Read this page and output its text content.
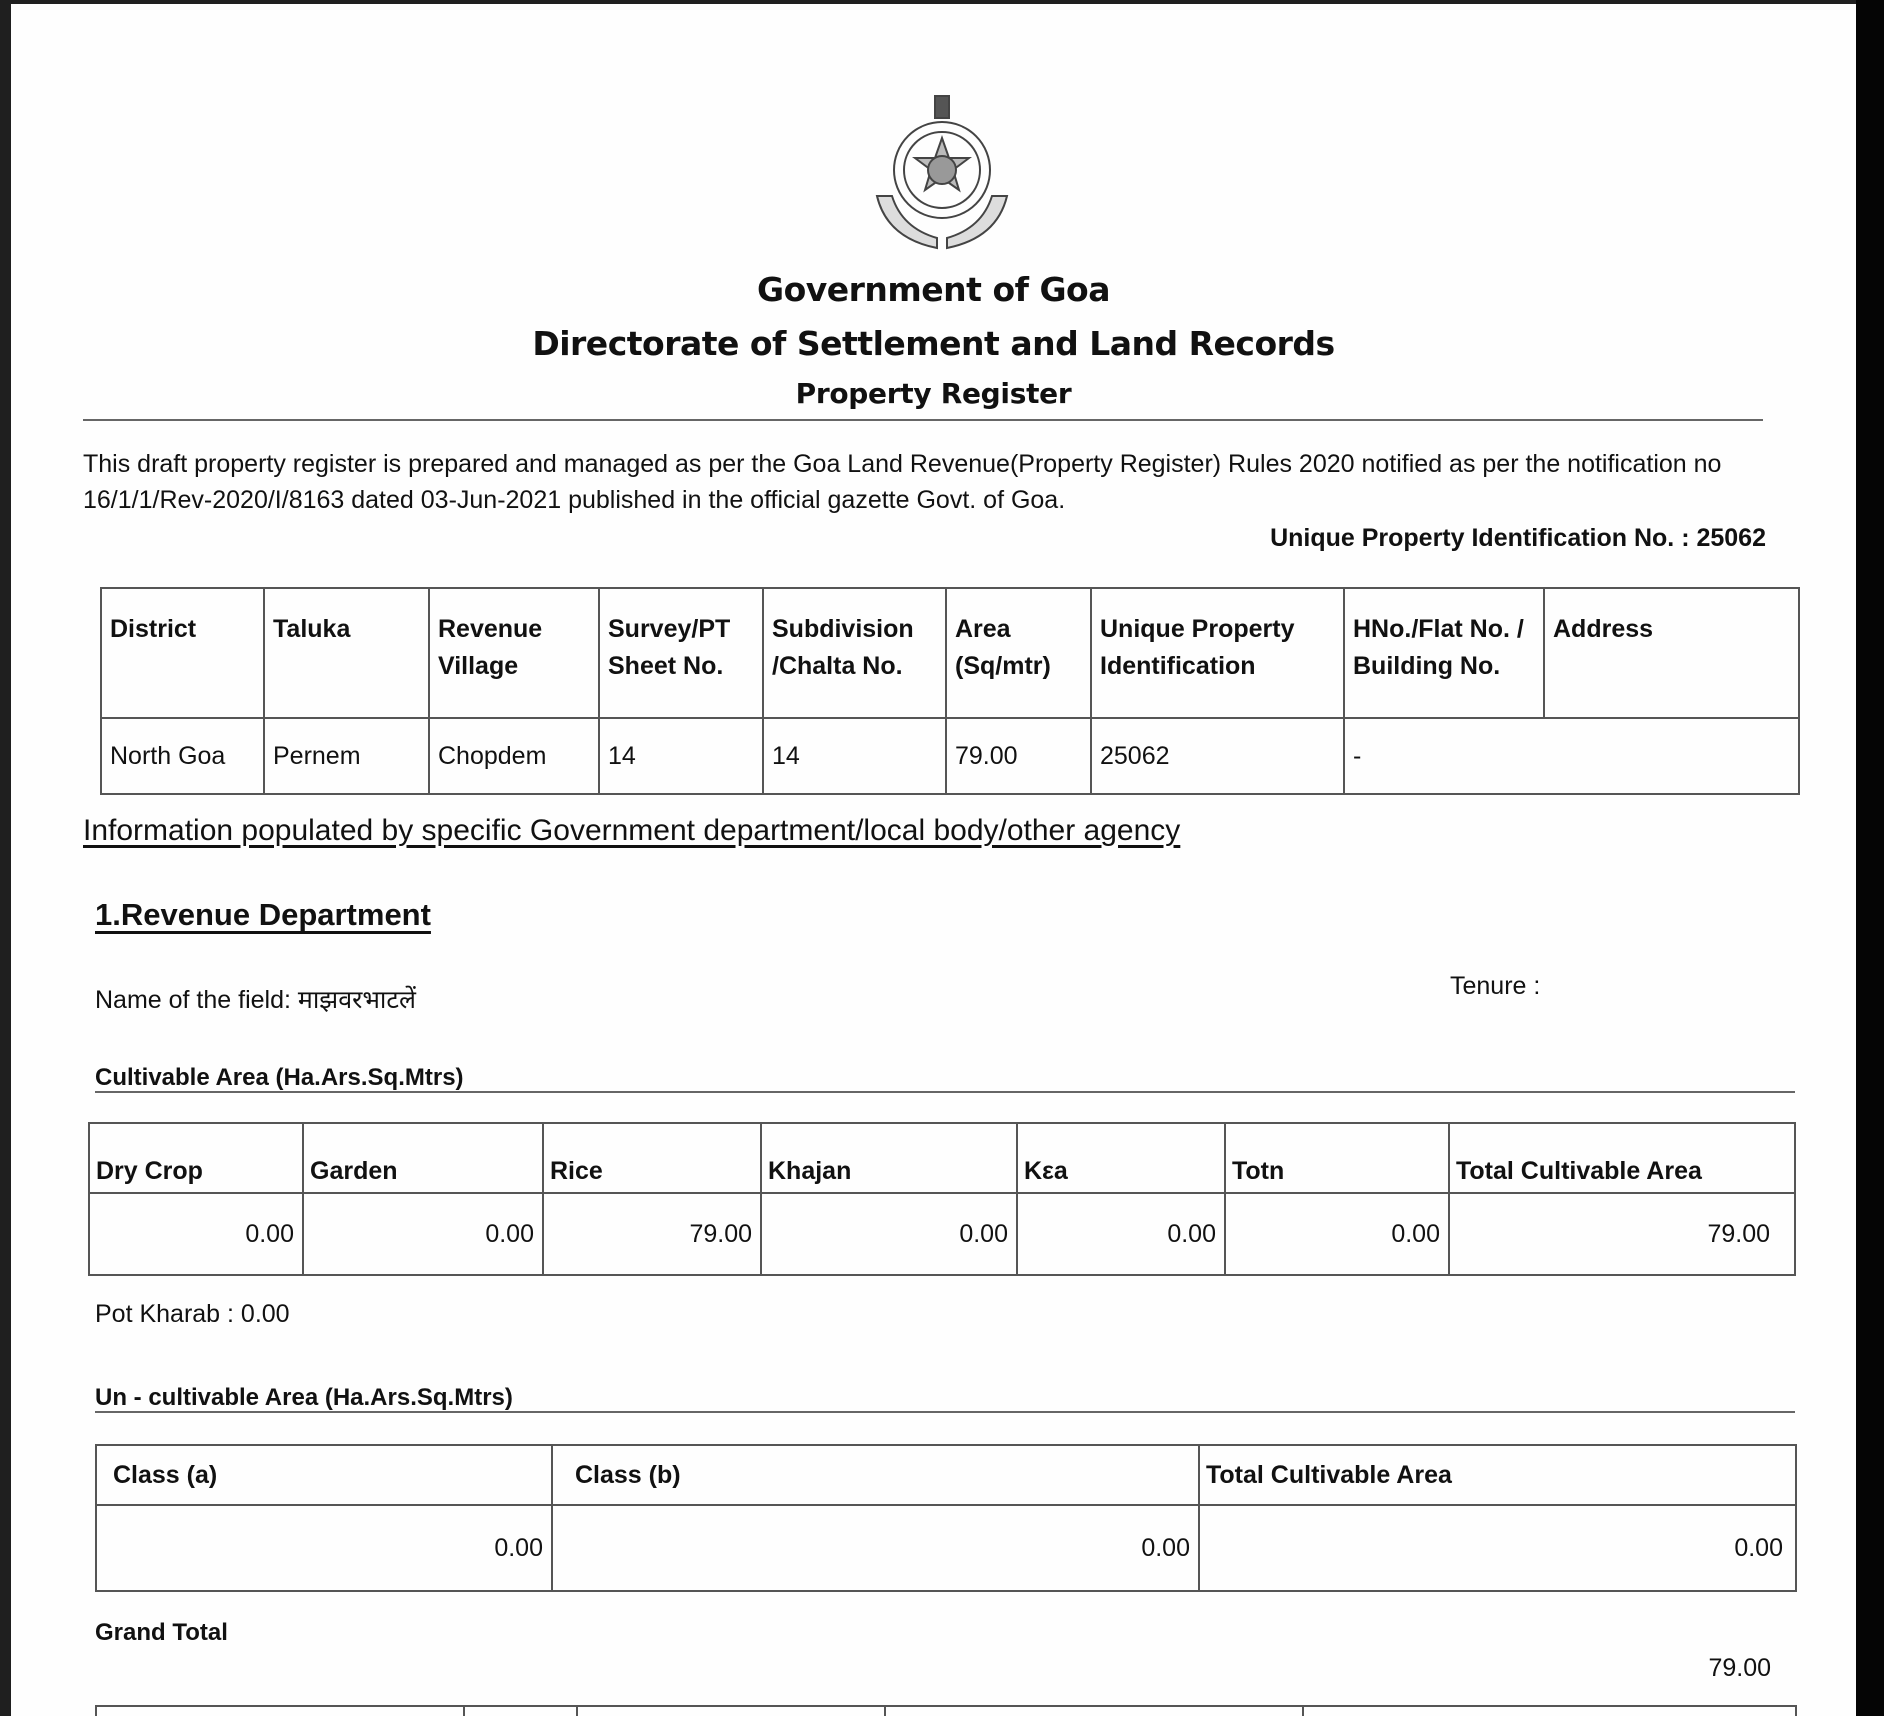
Government of Goa
Directorate of Settlement and Land Records
Property Register
This draft property register is prepared and managed as per the Goa Land Revenue(Property Register) Rules 2020 notified as per the notification no 16/1/1/Rev-2020/I/8163 dated 03-Jun-2021 published in the official gazette Govt. of Goa.
Unique Property Identification No. : 25062
District	Taluka	Revenue Village	Survey/PT Sheet No.	Subdivision /Chalta No.	Area (Sq/mtr)	Unique Property Identification	HNo./Flat No. / Building No.	Address
North Goa	Pernem	Chopdem	14	14	79.00	25062	-	
Information populated by specific Government department/local body/other agency
1.Revenue Department
Name of the field: माझवरभाटलें	Tenure :
Cultivable Area (Ha.Ars.Sq.Mtrs)
Dry Crop	Garden	Rice	Khajan	Kεa	Totn	Total Cultivable Area
0.00	0.00	79.00	0.00	0.00	0.00	79.00
Pot Kharab : 0.00
Un - cultivable Area (Ha.Ars.Sq.Mtrs)
Class (a)	Class (b)	Total Cultivable Area
0.00	0.00	0.00
Grand Total
79.00
